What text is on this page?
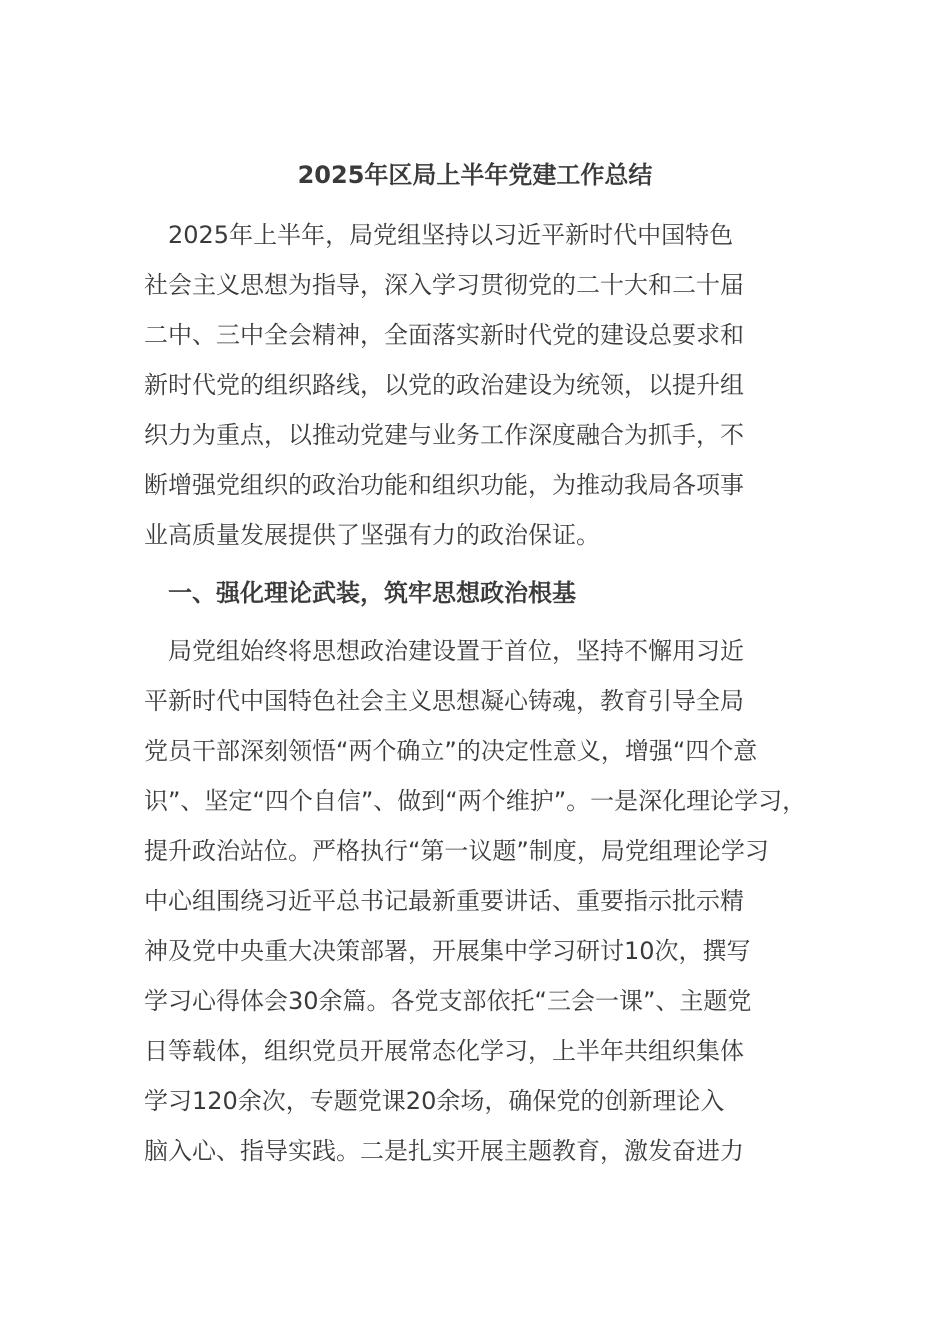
2025年区局上半年党建工作总结
　2025年上半年，局党组坚持以习近平新时代中国特色
社会主义思想为指导，深入学习贯彻党的二十大和二十届
二中、三中全会精神，全面落实新时代党的建设总要求和
新时代党的组织路线，以党的政治建设为统领，以提升组
织力为重点，以推动党建与业务工作深度融合为抓手，不
断增强党组织的政治功能和组织功能，为推动我局各项事
业高质量发展提供了坚强有力的政治保证。
　一、强化理论武装，筑牢思想政治根基
　局党组始终将思想政治建设置于首位，坚持不懈用习近
平新时代中国特色社会主义思想凝心铸魂，教育引导全局
党员干部深刻领悟“两个确立”的决定性意义，增强“四个意
识”、坚定“四个自信”、做到“两个维护”。一是深化理论学习，
提升政治站位。严格执行“第一议题”制度，局党组理论学习
中心组围绕习近平总书记最新重要讲话、重要指示批示精
神及党中央重大决策部署，开展集中学习研讨10次，撰写
学习心得体会30余篇。各党支部依托“三会一课”、主题党
日等载体，组织党员开展常态化学习，上半年共组织集体
学习120余次，专题党课20余场，确保党的创新理论入
脑入心、指导实践。二是扎实开展主题教育，激发奋进力
